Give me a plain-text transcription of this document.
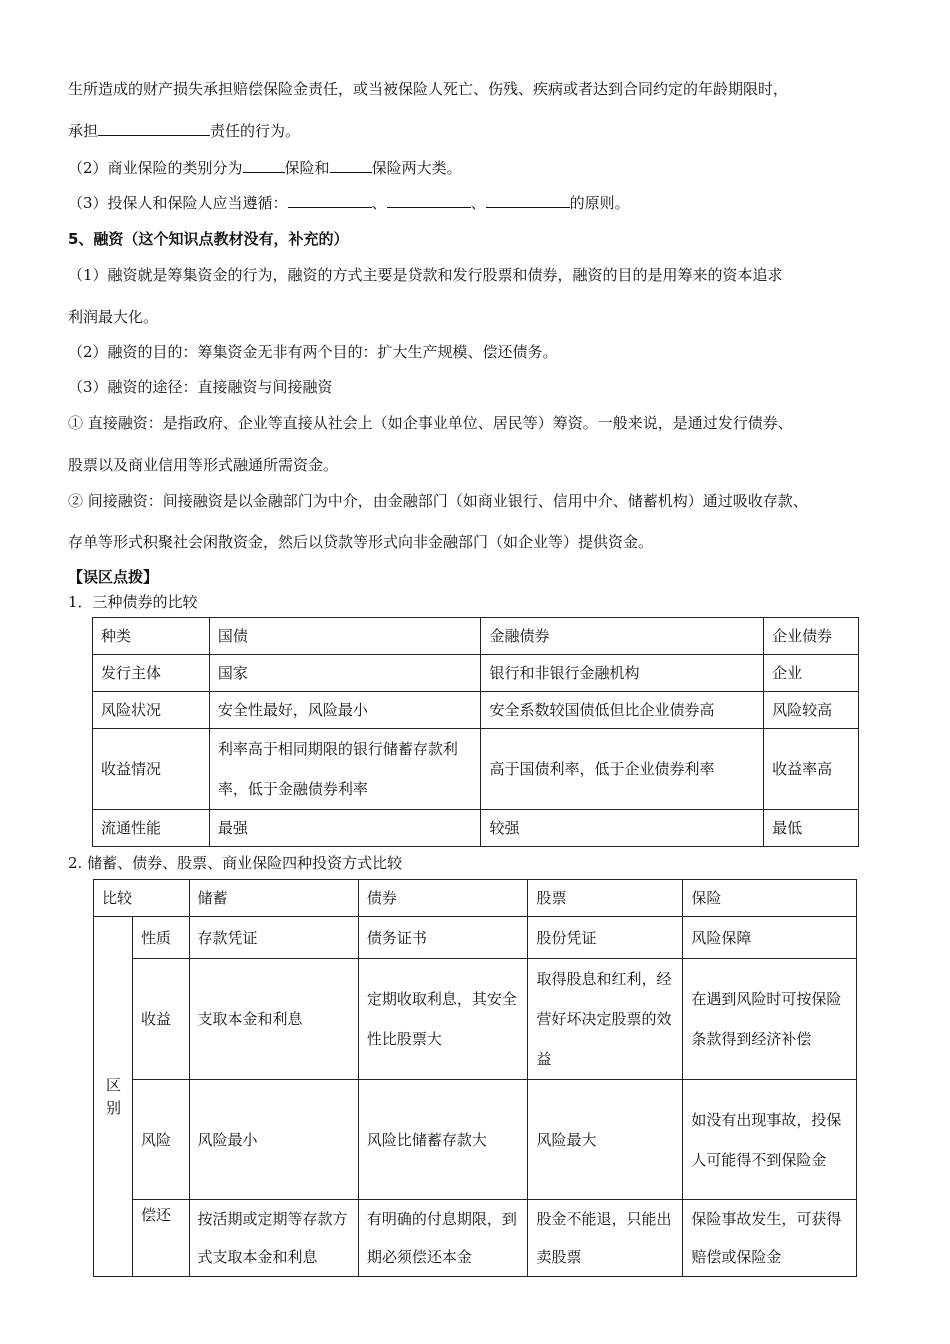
生所造成的财产损失承担赔偿保险金责任，或当被保险人死亡、伤残、疾病或者达到合同约定的年龄期限时，
承担	责任的行为。
（2）商业保险的类别分为	保险和	保险两大类。
（3）投保人和保险人应当遵循：	、	、	的原则。
5、融资（这个知识点教材没有，补充的）
（1）融资就是筹集资金的行为，融资的方式主要是贷款和发行股票和债券，融资的目的是用筹来的资本追求
利润最大化。
（2）融资的目的：筹集资金无非有两个目的：扩大生产规模、偿还债务。
（3）融资的途径：直接融资与间接融资
① 直接融资：是指政府、企业等直接从社会上（如企事业单位、居民等）筹资。一般来说，是通过发行债券、
股票以及商业信用等形式融通所需资金。
② 间接融资：间接融资是以金融部门为中介，由金融部门（如商业银行、信用中介、储蓄机构）通过吸收存款、
存单等形式积聚社会闲散资金，然后以贷款等形式向非金融部门（如企业等）提供资金。
【误区点拨】
1．三种债券的比较
种类	国债	金融债券	企业债券
发行主体	国家	银行和非银行金融机构	企业
风险状况	安全性最好，风险最小	安全系数较国债低但比企业债券高	风险较高
收益情况	利率高于相同期限的银行储蓄存款利率，低于金融债券利率	高于国债利率，低于企业债券利率	收益率高
流通性能	最强	较强	最低
2. 储蓄、债券、股票、商业保险四种投资方式比较
比较		储蓄	债券	股票	保险
区别	性质	存款凭证	债务证书	股份凭证	风险保障
	收益	支取本金和利息	定期收取利息，其安全性比股票大	取得股息和红利，经营好坏决定股票的效益	在遇到风险时可按保险条款得到经济补偿
	风险	风险最小	风险比储蓄存款大	风险最大	如没有出现事故，投保人可能得不到保险金
	偿还	按活期或定期等存款方式支取本金和利息	有明确的付息期限，到期必须偿还本金	股金不能退，只能出卖股票	保险事故发生，可获得赔偿或保险金
